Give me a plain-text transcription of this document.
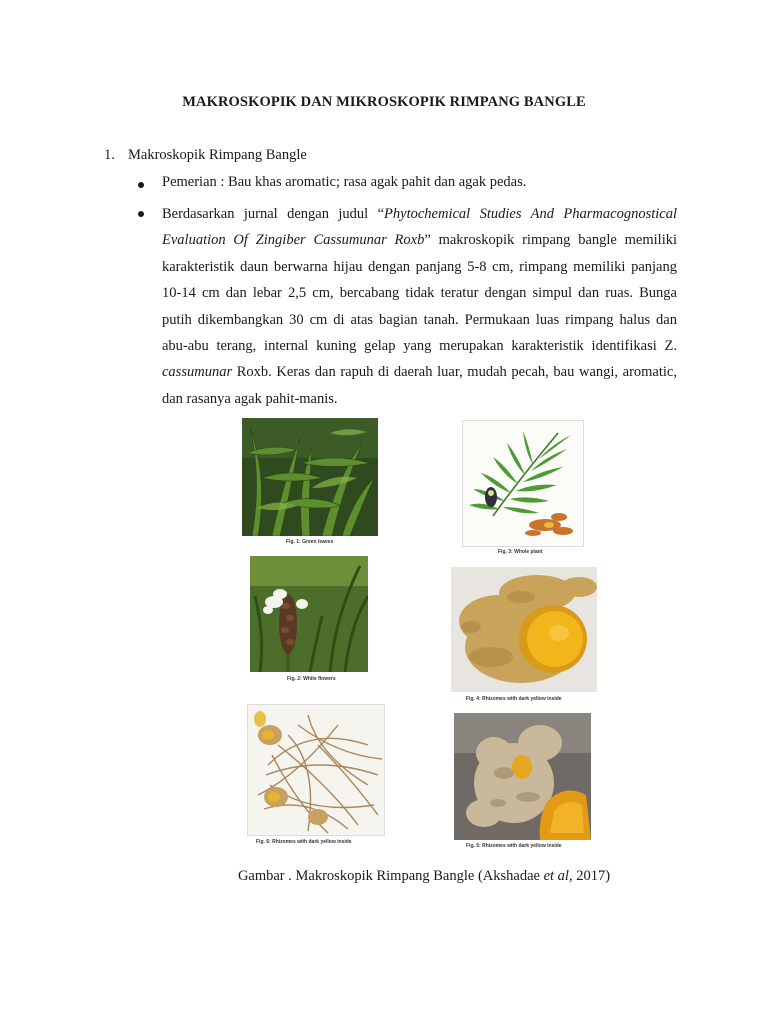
MAKROSKOPIK DAN MIKROSKOPIK RIMPANG BANGLE
1. Makroskopik Rimpang Bangle
Pemerian : Bau khas aromatic; rasa agak pahit dan agak pedas.
Berdasarkan jurnal dengan judul “Phytochemical Studies And Pharmacognostical Evaluation Of Zingiber Cassumunar Roxb” makroskopik rimpang bangle memiliki karakteristik daun berwarna hijau dengan panjang 5-8 cm, rimpang memiliki panjang 10-14 cm dan lebar 2,5 cm, bercabang tidak teratur dengan simpul dan ruas. Bunga putih dikembangkan 30 cm di atas bagian tanah. Permukaan luas rimpang halus dan abu-abu terang, internal kuning gelap yang merupakan karakteristik identifikasi Z. cassumunar Roxb. Keras dan rapuh di daerah luar, mudah pecah, bau wangi, aromatic, dan rasanya agak pahit-manis.
Fig. 1: Green leaves
Fig. 3: Whole plant
Fig. 2: White flowers
Fig. 4: Rhizomes with dark yellow inside
Fig. 6: Rhizomes with dark yellow inside
Fig. 5: Rhizomes with dark yellow inside
Gambar . Makroskopik Rimpang Bangle (Akshadae et al, 2017)
